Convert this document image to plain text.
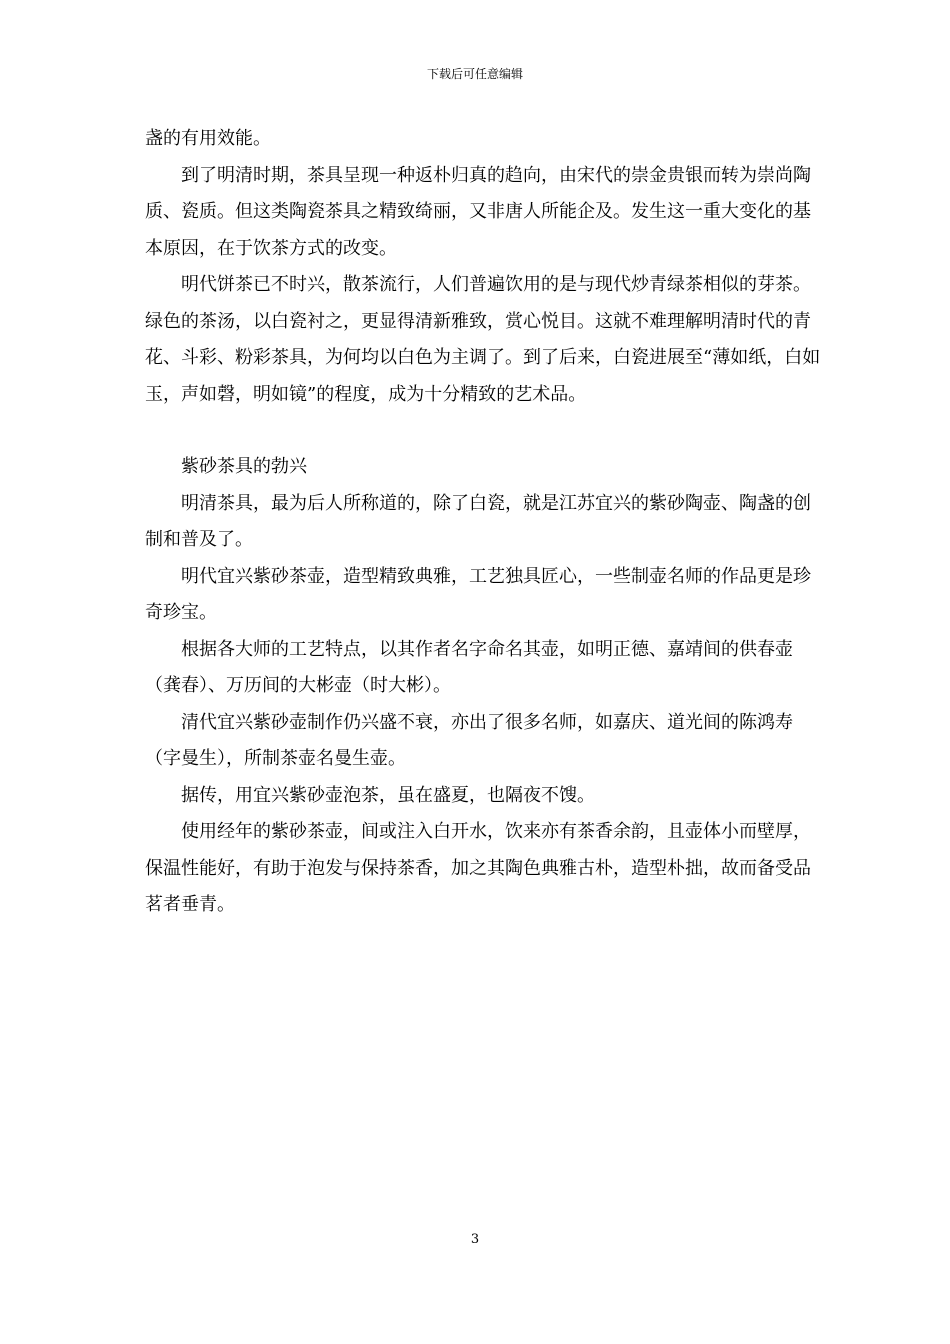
下载后可任意编辑

盏的有用效能。

到了明清时期，茶具呈现一种返朴归真的趋向，由宋代的崇金贵银而转为崇尚陶质、瓷质。但这类陶瓷茶具之精致绮丽，又非唐人所能企及。发生这一重大变化的基本原因，在于饮茶方式的改变。

明代饼茶已不时兴，散茶流行，人们普遍饮用的是与现代炒青绿茶相似的芽茶。绿色的茶汤，以白瓷衬之，更显得清新雅致，赏心悦目。这就不难理解明清时代的青花、斗彩、粉彩茶具，为何均以白色为主调了。到了后来，白瓷进展至“薄如纸，白如玉，声如磬，明如镜”的程度，成为十分精致的艺术品。

紫砂茶具的勃兴

明清茶具，最为后人所称道的，除了白瓷，就是江苏宜兴的紫砂陶壶、陶盏的创制和普及了。

明代宜兴紫砂茶壶，造型精致典雅，工艺独具匠心，一些制壶名师的作品更是珍奇珍宝。

根据各大师的工艺特点，以其作者名字命名其壶，如明正德、嘉靖间的供春壶（龚春）、万历间的大彬壶（时大彬）。

清代宜兴紫砂壶制作仍兴盛不衰，亦出了很多名师，如嘉庆、道光间的陈鸿寿（字曼生），所制茶壶名曼生壶。

据传，用宜兴紫砂壶泡茶，虽在盛夏，也隔夜不馊。

使用经年的紫砂茶壶，间或注入白开水，饮来亦有茶香余韵，且壶体小而壁厚，保温性能好，有助于泡发与保持茶香，加之其陶色典雅古朴，造型朴拙，故而备受品茗者垂青。

3
